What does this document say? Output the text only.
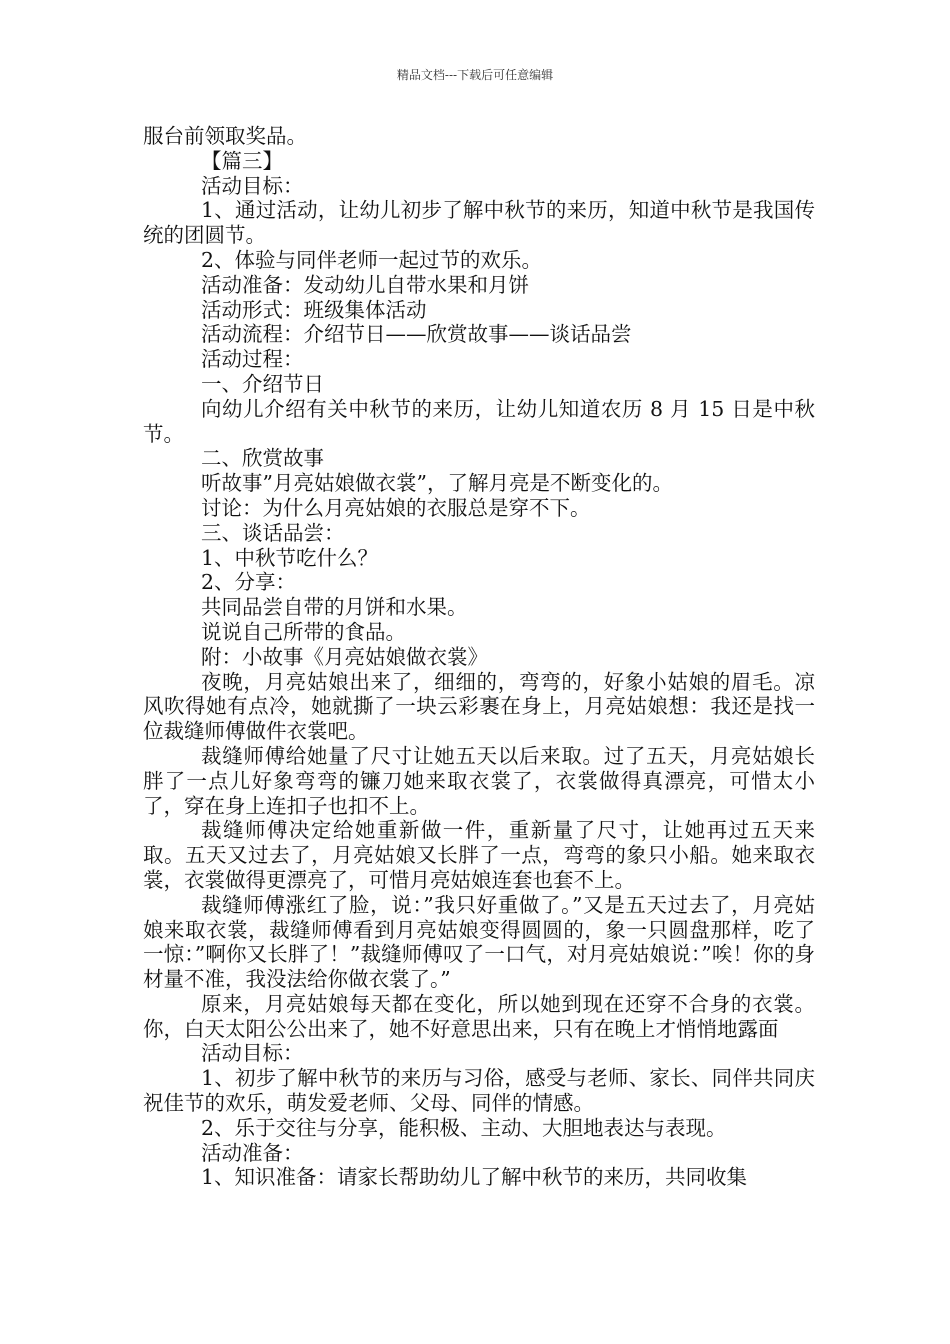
精品文档---下载后可任意编辑

服台前领取奖品。

【篇三】

活动目标：

1、通过活动，让幼儿初步了解中秋节的来历，知道中秋节是我国传统的团圆节。

2、体验与同伴老师一起过节的欢乐。

活动准备：发动幼儿自带水果和月饼

活动形式：班级集体活动

活动流程：介绍节日——欣赏故事——谈话品尝

活动过程：

一、介绍节日

向幼儿介绍有关中秋节的来历，让幼儿知道农历 8 月 15 日是中秋节。

二、欣赏故事

听故事”月亮姑娘做衣裳”，了解月亮是不断变化的。

讨论：为什么月亮姑娘的衣服总是穿不下。

三、谈话品尝：

1、中秋节吃什么？

2、分享：

共同品尝自带的月饼和水果。

说说自己所带的食品。

附：小故事《月亮姑娘做衣裳》

夜晚，月亮姑娘出来了，细细的，弯弯的，好象小姑娘的眉毛。凉风吹得她有点冷，她就撕了一块云彩裹在身上，月亮姑娘想：我还是找一位裁缝师傅做件衣裳吧。

裁缝师傅给她量了尺寸让她五天以后来取。过了五天，月亮姑娘长胖了一点儿好象弯弯的镰刀她来取衣裳了，衣裳做得真漂亮，可惜太小了，穿在身上连扣子也扣不上。

裁缝师傅决定给她重新做一件，重新量了尺寸，让她再过五天来取。五天又过去了，月亮姑娘又长胖了一点，弯弯的象只小船。她来取衣裳，衣裳做得更漂亮了，可惜月亮姑娘连套也套不上。

裁缝师傅涨红了脸，说：”我只好重做了。”又是五天过去了，月亮姑娘来取衣裳，裁缝师傅看到月亮姑娘变得圆圆的，象一只圆盘那样，吃了一惊：”啊你又长胖了！”裁缝师傅叹了一口气，对月亮姑娘说：”唉！你的身材量不准，我没法给你做衣裳了。”

原来，月亮姑娘每天都在变化，所以她到现在还穿不合身的衣裳。你，白天太阳公公出来了，她不好意思出来，只有在晚上才悄悄地露面

活动目标：

1、初步了解中秋节的来历与习俗，感受与老师、家长、同伴共同庆祝佳节的欢乐，萌发爱老师、父母、同伴的情感。

2、乐于交往与分享，能积极、主动、大胆地表达与表现。

活动准备：

1、知识准备：请家长帮助幼儿了解中秋节的来历，共同收集
